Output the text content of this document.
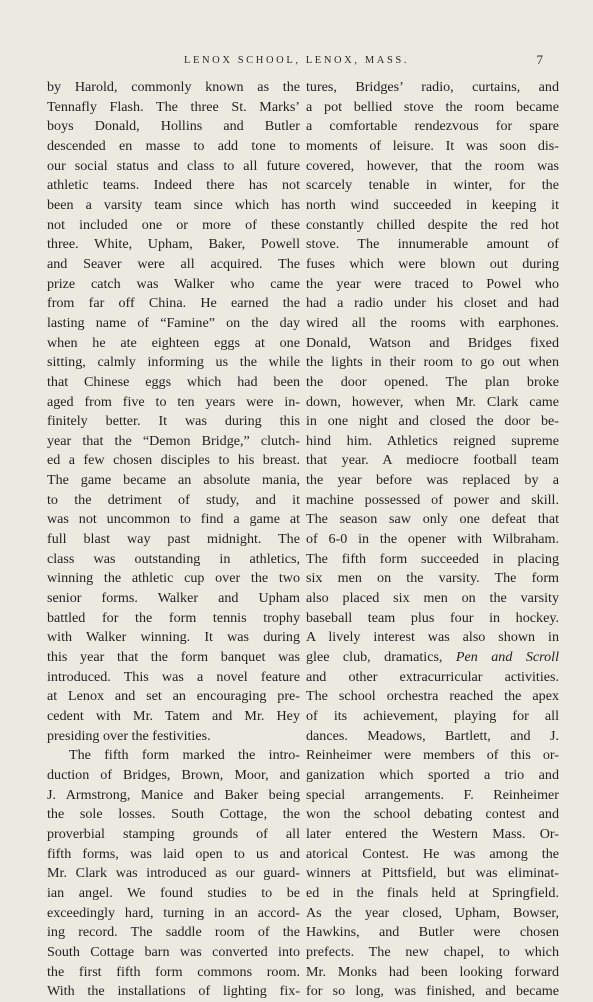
LENOX SCHOOL, LENOX, MASS.	7
by Harold, commonly known as the
Tennafly Flash. The three St. Marks’
boys Donald, Hollins and Butler
descended en masse to add tone to
our social status and class to all future
athletic teams. Indeed there has not
been a varsity team since which has
not included one or more of these
three. White, Upham, Baker, Powell
and Seaver were all acquired. The
prize catch was Walker who came
from far off China. He earned the
lasting name of “Famine” on the day
when he ate eighteen eggs at one
sitting, calmly informing us the while
that Chinese eggs which had been
aged from five to ten years were in-
finitely better. It was during this
year that the “Demon Bridge,” clutch-
ed a few chosen disciples to his breast.
The game became an absolute mania,
to the detriment of study, and it
was not uncommon to find a game at
full blast way past midnight. The
class was outstanding in athletics,
winning the athletic cup over the two
senior forms. Walker and Upham
battled for the form tennis trophy
with Walker winning. It was during
this year that the form banquet was
introduced. This was a novel feature
at Lenox and set an encouraging pre-
cedent with Mr. Tatem and Mr. Hey
presiding over the festivities.
The fifth form marked the intro-
duction of Bridges, Brown, Moor, and
J. Armstrong, Manice and Baker being
the sole losses. South Cottage, the
proverbial stamping grounds of all
fifth forms, was laid open to us and
Mr. Clark was introduced as our guard-
ian angel. We found studies to be
exceedingly hard, turning in an accord-
ing record. The saddle room of the
South Cottage barn was converted into
the first fifth form commons room.
With the installations of lighting fix-
tures, Bridges’ radio, curtains, and
a pot bellied stove the room became
a comfortable rendezvous for spare
moments of leisure. It was soon dis-
covered, however, that the room was
scarcely tenable in winter, for the
north wind succeeded in keeping it
constantly chilled despite the red hot
stove. The innumerable amount of
fuses which were blown out during
the year were traced to Powel who
had a radio under his closet and had
wired all the rooms with earphones.
Donald, Watson and Bridges fixed
the lights in their room to go out when
the door opened. The plan broke
down, however, when Mr. Clark came
in one night and closed the door be-
hind him. Athletics reigned supreme
that year. A mediocre football team
the year before was replaced by a
machine possessed of power and skill.
The season saw only one defeat that
of 6-0 in the opener with Wilbraham.
The fifth form succeeded in placing
six men on the varsity. The form
also placed six men on the varsity
baseball team plus four in hockey.
A lively interest was also shown in
glee club, dramatics, Pen and Scroll
and other extracurricular activities.
The school orchestra reached the apex
of its achievement, playing for all
dances. Meadows, Bartlett, and J.
Reinheimer were members of this or-
ganization which sported a trio and
special arrangements. F. Reinheimer
won the school debating contest and
later entered the Western Mass. Or-
atorical Contest. He was among the
winners at Pittsfield, but was eliminat-
ed in the finals held at Springfield.
As the year closed, Upham, Bowser,
Hawkins, and Butler were chosen
prefects. The new chapel, to which
Mr. Monks had been looking forward
for so long, was finished, and became
